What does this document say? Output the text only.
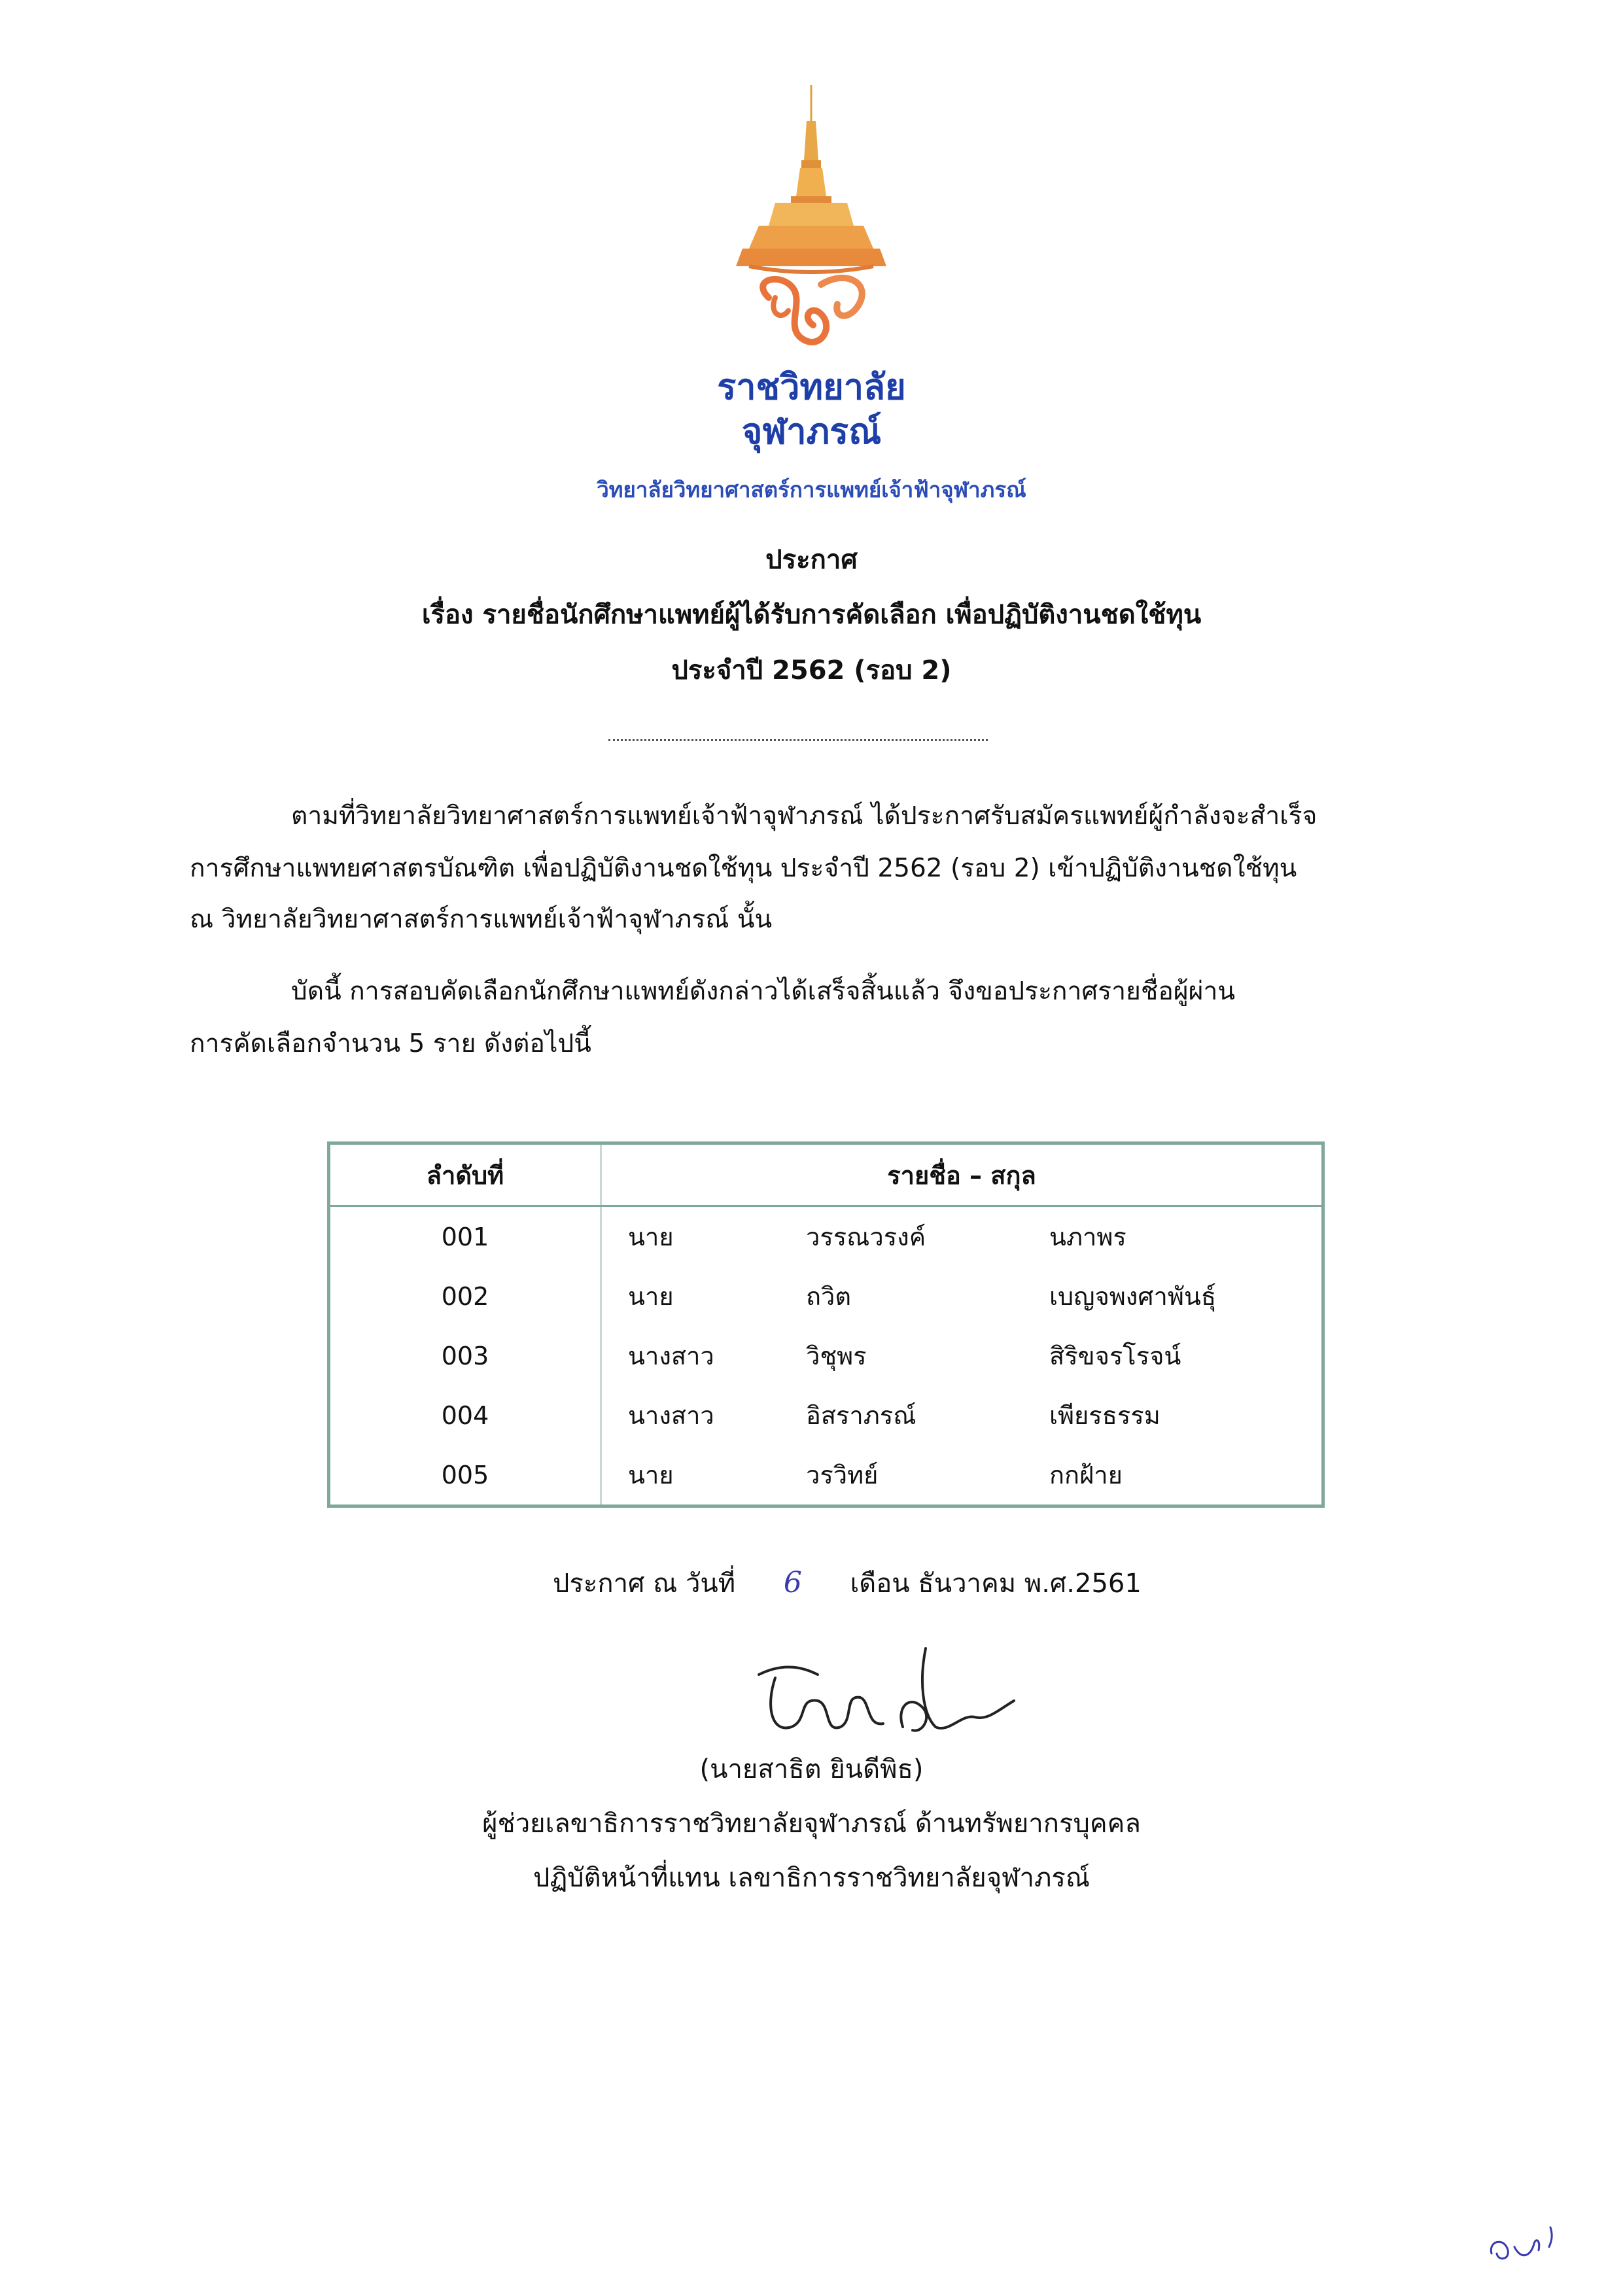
ราชวิทยาลัย
จุฬาภรณ์
วิทยาลัยวิทยาศาสตร์การแพทย์เจ้าฟ้าจุฬาภรณ์
ประกาศ
เรื่อง รายชื่อนักศึกษาแพทย์ผู้ได้รับการคัดเลือก เพื่อปฏิบัติงานชดใช้ทุน
ประจำปี 2562 (รอบ 2)
ตามที่วิทยาลัยวิทยาศาสตร์การแพทย์เจ้าฟ้าจุฬาภรณ์ ได้ประกาศรับสมัครแพทย์ผู้กำลังจะสำเร็จ
การศึกษาแพทยศาสตรบัณฑิต เพื่อปฏิบัติงานชดใช้ทุน ประจำปี 2562 (รอบ 2) เข้าปฏิบัติงานชดใช้ทุน
ณ วิทยาลัยวิทยาศาสตร์การแพทย์เจ้าฟ้าจุฬาภรณ์ นั้น
บัดนี้ การสอบคัดเลือกนักศึกษาแพทย์ดังกล่าวได้เสร็จสิ้นแล้ว จึงขอประกาศรายชื่อผู้ผ่าน
การคัดเลือกจำนวน 5 ราย ดังต่อไปนี้
ลำดับที่	รายชื่อ – สกุล		
001	นาย	วรรณวรงค์	นภาพร
002	นาย	ถวิต	เบญจพงศาพันธุ์
003	นางสาว	วิชุพร	สิริขจรโรจน์
004	นางสาว	อิสราภรณ์	เพียรธรรม
005	นาย	วรวิทย์	กกฝ้าย
ประกาศ ณ วันที่ 6 เดือน ธันวาคม พ.ศ.2561
(นายสาธิต ยินดีพิธ)
ผู้ช่วยเลขาธิการราชวิทยาลัยจุฬาภรณ์ ด้านทรัพยากรบุคคล
ปฏิบัติหน้าที่แทน เลขาธิการราชวิทยาลัยจุฬาภรณ์
